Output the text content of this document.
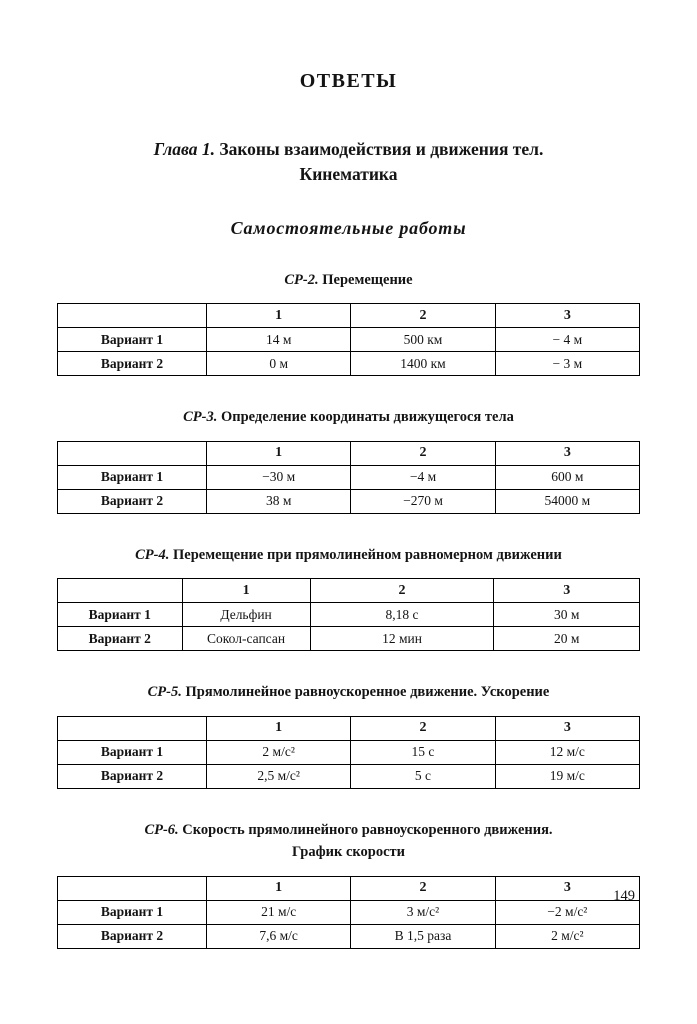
ОТВЕТЫ
Глава 1. Законы взаимодействия и движения тел.
Кинематика
Самостоятельные работы
СР-2. Перемещение
	1	2	3
Вариант 1	14 м	500 км	− 4 м
Вариант 2	0 м	1400 км	− 3 м
СР-3. Определение координаты движущегося тела
	1	2	3
Вариант 1	−30 м	−4 м	600 м
Вариант 2	38 м	−270 м	54000 м
СР-4. Перемещение при прямолинейном равномерном движении
	1	2	3
Вариант 1	Дельфин	8,18 с	30 м
Вариант 2	Сокол-сапсан	12 мин	20 м
СР-5. Прямолинейное равноускоренное движение. Ускорение
	1	2	3
Вариант 1	2 м/с²	15 с	12 м/с
Вариант 2	2,5 м/с²	5 с	19 м/с
СР-6. Скорость прямолинейного равноускоренного движения.
График скорости
	1	2	3
Вариант 1	21 м/с	3 м/с²	−2 м/с²
Вариант 2	7,6 м/с	В 1,5 раза	2 м/с²
149
